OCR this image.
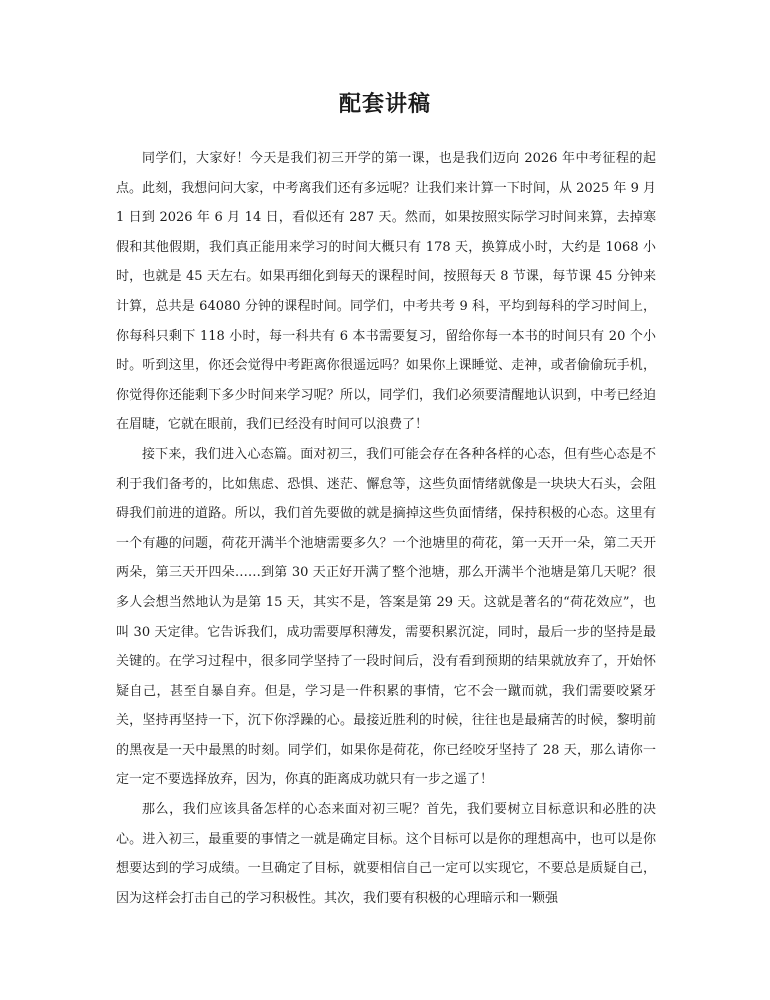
配套讲稿

同学们，大家好！今天是我们初三开学的第一课，也是我们迈向 2026 年中考征程的起点。此刻，我想问问大家，中考离我们还有多远呢？让我们来计算一下时间，从 2025 年 9 月 1 日到 2026 年 6 月 14 日，看似还有 287 天。然而，如果按照实际学习时间来算，去掉寒假和其他假期，我们真正能用来学习的时间大概只有 178 天，换算成小时，大约是 1068 小时，也就是 45 天左右。如果再细化到每天的课程时间，按照每天 8 节课，每节课 45 分钟来计算，总共是 64080 分钟的课程时间。同学们，中考共考 9 科，平均到每科的学习时间上，你每科只剩下 118 小时，每一科共有 6 本书需要复习，留给你每一本书的时间只有 20 个小时。听到这里，你还会觉得中考距离你很遥远吗？如果你上课睡觉、走神，或者偷偷玩手机，你觉得你还能剩下多少时间来学习呢？所以，同学们，我们必须要清醒地认识到，中考已经迫在眉睫，它就在眼前，我们已经没有时间可以浪费了！

接下来，我们进入心态篇。面对初三，我们可能会存在各种各样的心态，但有些心态是不利于我们备考的，比如焦虑、恐惧、迷茫、懈怠等，这些负面情绪就像是一块块大石头，会阻碍我们前进的道路。所以，我们首先要做的就是摘掉这些负面情绪，保持积极的心态。这里有一个有趣的问题，荷花开满半个池塘需要多久？一个池塘里的荷花，第一天开一朵，第二天开两朵，第三天开四朵……到第 30 天正好开满了整个池塘，那么开满半个池塘是第几天呢？很多人会想当然地认为是第 15 天，其实不是，答案是第 29 天。这就是著名的“荷花效应”，也叫 30 天定律。它告诉我们，成功需要厚积薄发，需要积累沉淀，同时，最后一步的坚持是最关键的。在学习过程中，很多同学坚持了一段时间后，没有看到预期的结果就放弃了，开始怀疑自己，甚至自暴自弃。但是，学习是一件积累的事情，它不会一蹴而就，我们需要咬紧牙关，坚持再坚持一下，沉下你浮躁的心。最接近胜利的时候，往往也是最痛苦的时候，黎明前的黑夜是一天中最黑的时刻。同学们，如果你是荷花，你已经咬牙坚持了 28 天，那么请你一定一定不要选择放弃，因为，你真的距离成功就只有一步之遥了！

那么，我们应该具备怎样的心态来面对初三呢？首先，我们要树立目标意识和必胜的决心。进入初三，最重要的事情之一就是确定目标。这个目标可以是你的理想高中，也可以是你想要达到的学习成绩。一旦确定了目标，就要相信自己一定可以实现它，不要总是质疑自己，因为这样会打击自己的学习积极性。其次，我们要有积极的心理暗示和一颗强
